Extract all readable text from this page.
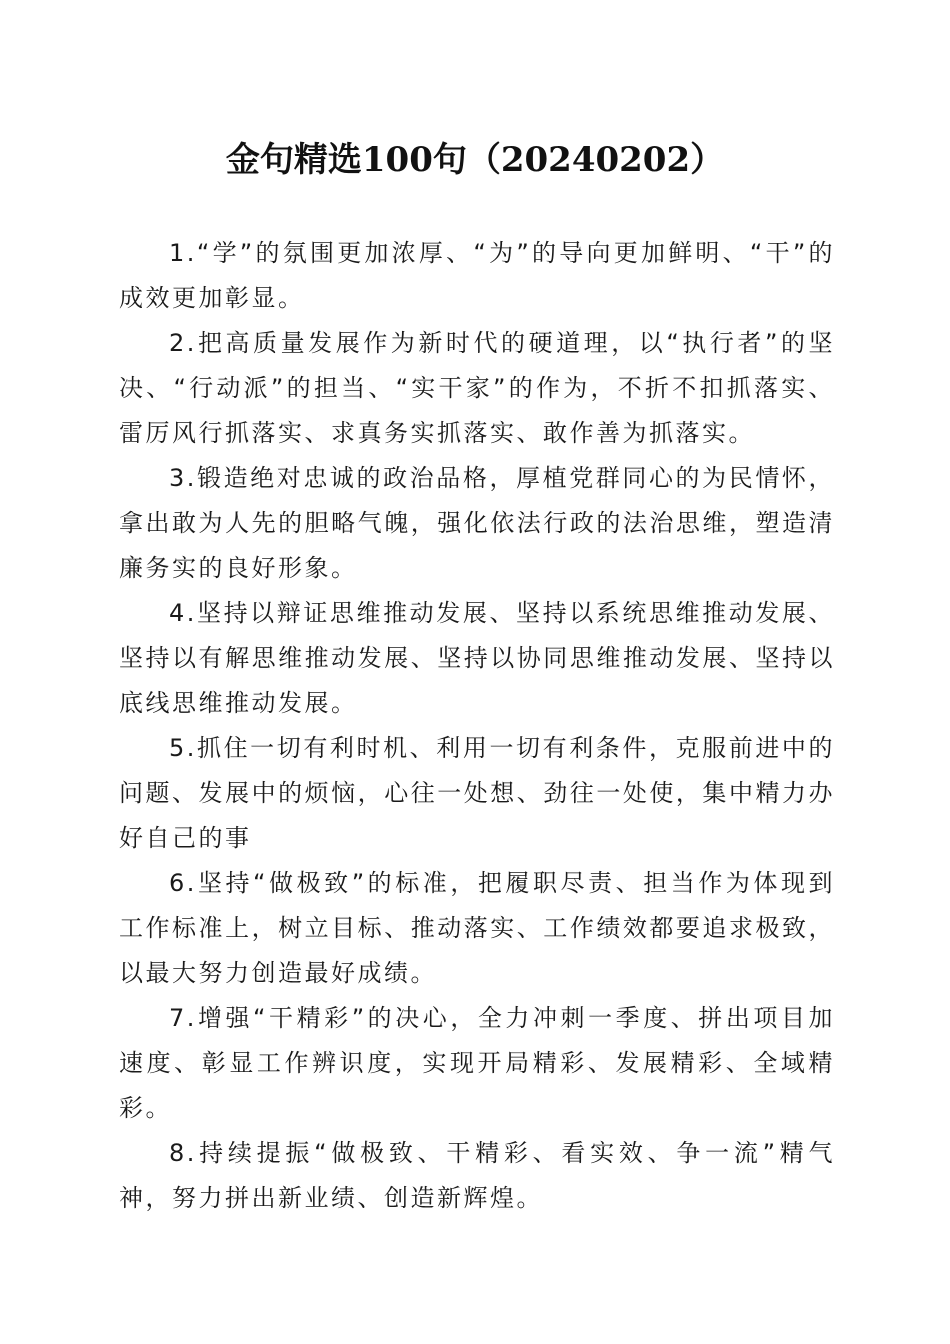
金句精选100句（20240202）

1.“学”的氛围更加浓厚、“为”的导向更加鲜明、“干”的成效更加彰显。

2.把高质量发展作为新时代的硬道理，以“执行者”的坚决、“行动派”的担当、“实干家”的作为，不折不扣抓落实、雷厉风行抓落实、求真务实抓落实、敢作善为抓落实。

3.锻造绝对忠诚的政治品格，厚植党群同心的为民情怀，拿出敢为人先的胆略气魄，强化依法行政的法治思维，塑造清廉务实的良好形象。

4.坚持以辩证思维推动发展、坚持以系统思维推动发展、坚持以有解思维推动发展、坚持以协同思维推动发展、坚持以底线思维推动发展。

5.抓住一切有利时机、利用一切有利条件，克服前进中的问题、发展中的烦恼，心往一处想、劲往一处使，集中精力办好自己的事

6.坚持“做极致”的标准，把履职尽责、担当作为体现到工作标准上，树立目标、推动落实、工作绩效都要追求极致，以最大努力创造最好成绩。

7.增强“干精彩”的决心，全力冲刺一季度、拼出项目加速度、彰显工作辨识度，实现开局精彩、发展精彩、全域精彩。

8.持续提振“做极致、干精彩、看实效、争一流”精气神，努力拼出新业绩、创造新辉煌。
